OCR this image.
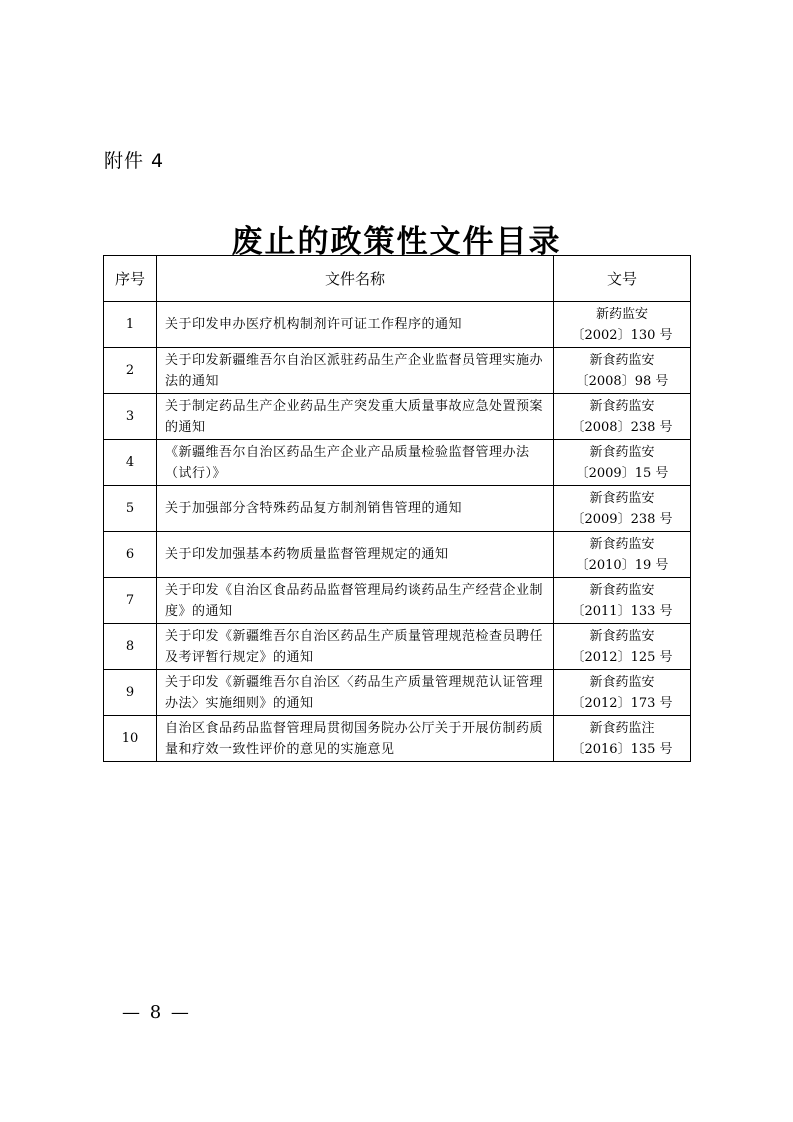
附件 4
废止的政策性文件目录
序号	文件名称	文号
1	关于印发申办医疗机构制剂许可证工作程序的通知	新药监安
〔2002〕130 号

2	关于印发新疆维吾尔自治区派驻药品生产企业监督员管理实施办法的通知	新食药监安
〔2008〕98 号

3	关于制定药品生产企业药品生产突发重大质量事故应急处置预案的通知	新食药监安
〔2008〕238 号

4	《新疆维吾尔自治区药品生产企业产品质量检验监督管理办法（试行）》	新食药监安
〔2009〕15 号

5	关于加强部分含特殊药品复方制剂销售管理的通知	新食药监安
〔2009〕238 号

6	关于印发加强基本药物质量监督管理规定的通知	新食药监安
〔2010〕19 号

7	关于印发《自治区食品药品监督管理局约谈药品生产经营企业制度》的通知	新食药监安
〔2011〕133 号

8	关于印发《新疆维吾尔自治区药品生产质量管理规范检查员聘任及考评暂行规定》的通知	新食药监安
〔2012〕125 号

9	关于印发《新疆维吾尔自治区〈药品生产质量管理规范认证管理办法〉实施细则》的通知	新食药监安
〔2012〕173 号

10	自治区食品药品监督管理局贯彻国务院办公厅关于开展仿制药质量和疗效一致性评价的意见的实施意见	新食药监注
〔2016〕135 号
— 8 —
